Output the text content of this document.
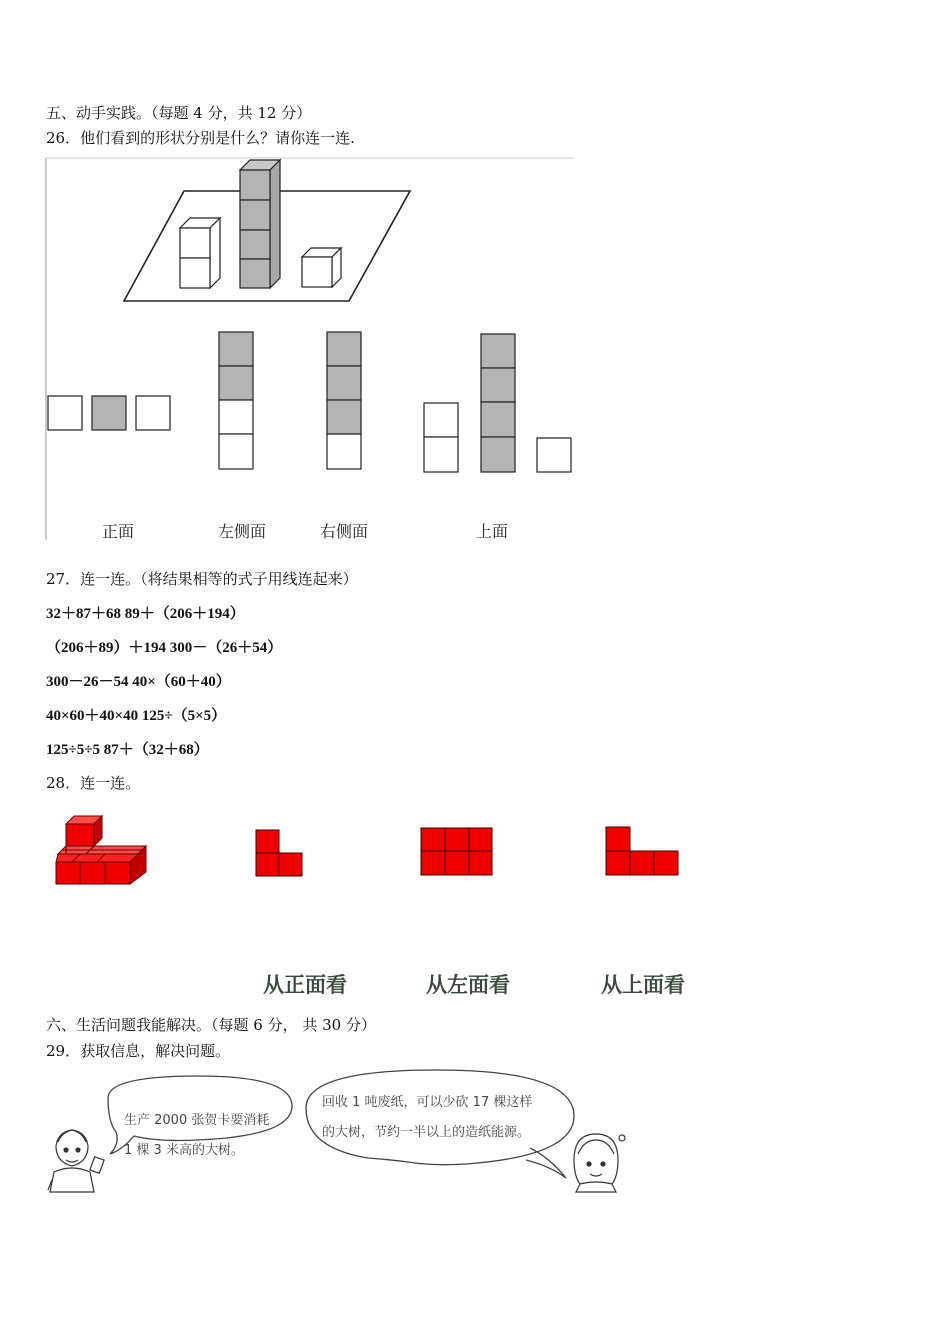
五、动手实践。（每题 4 分，共 12 分）
26．他们看到的形状分别是什么？请你连一连.
正面	左侧面	右侧面	上面
27．连一连。（将结果相等的式子用线连起来）
32＋87＋68 89＋（206＋194）
（206＋89）＋194 300－（26＋54）
300－26－54 40×（60＋40）
40×60＋40×40 125÷（5×5）
125÷5÷5 87＋（32＋68）
28．连一连。
从正面看	从左面看	从上面看
六、生活问题我能解决。（每题 6 分， 共 30 分）
29．获取信息，解决问题。
生产 2000 张贺卡要消耗
1 棵 3 米高的大树。
回收 1 吨废纸，可以少砍 17 棵这样
的大树，节约一半以上的造纸能源。
